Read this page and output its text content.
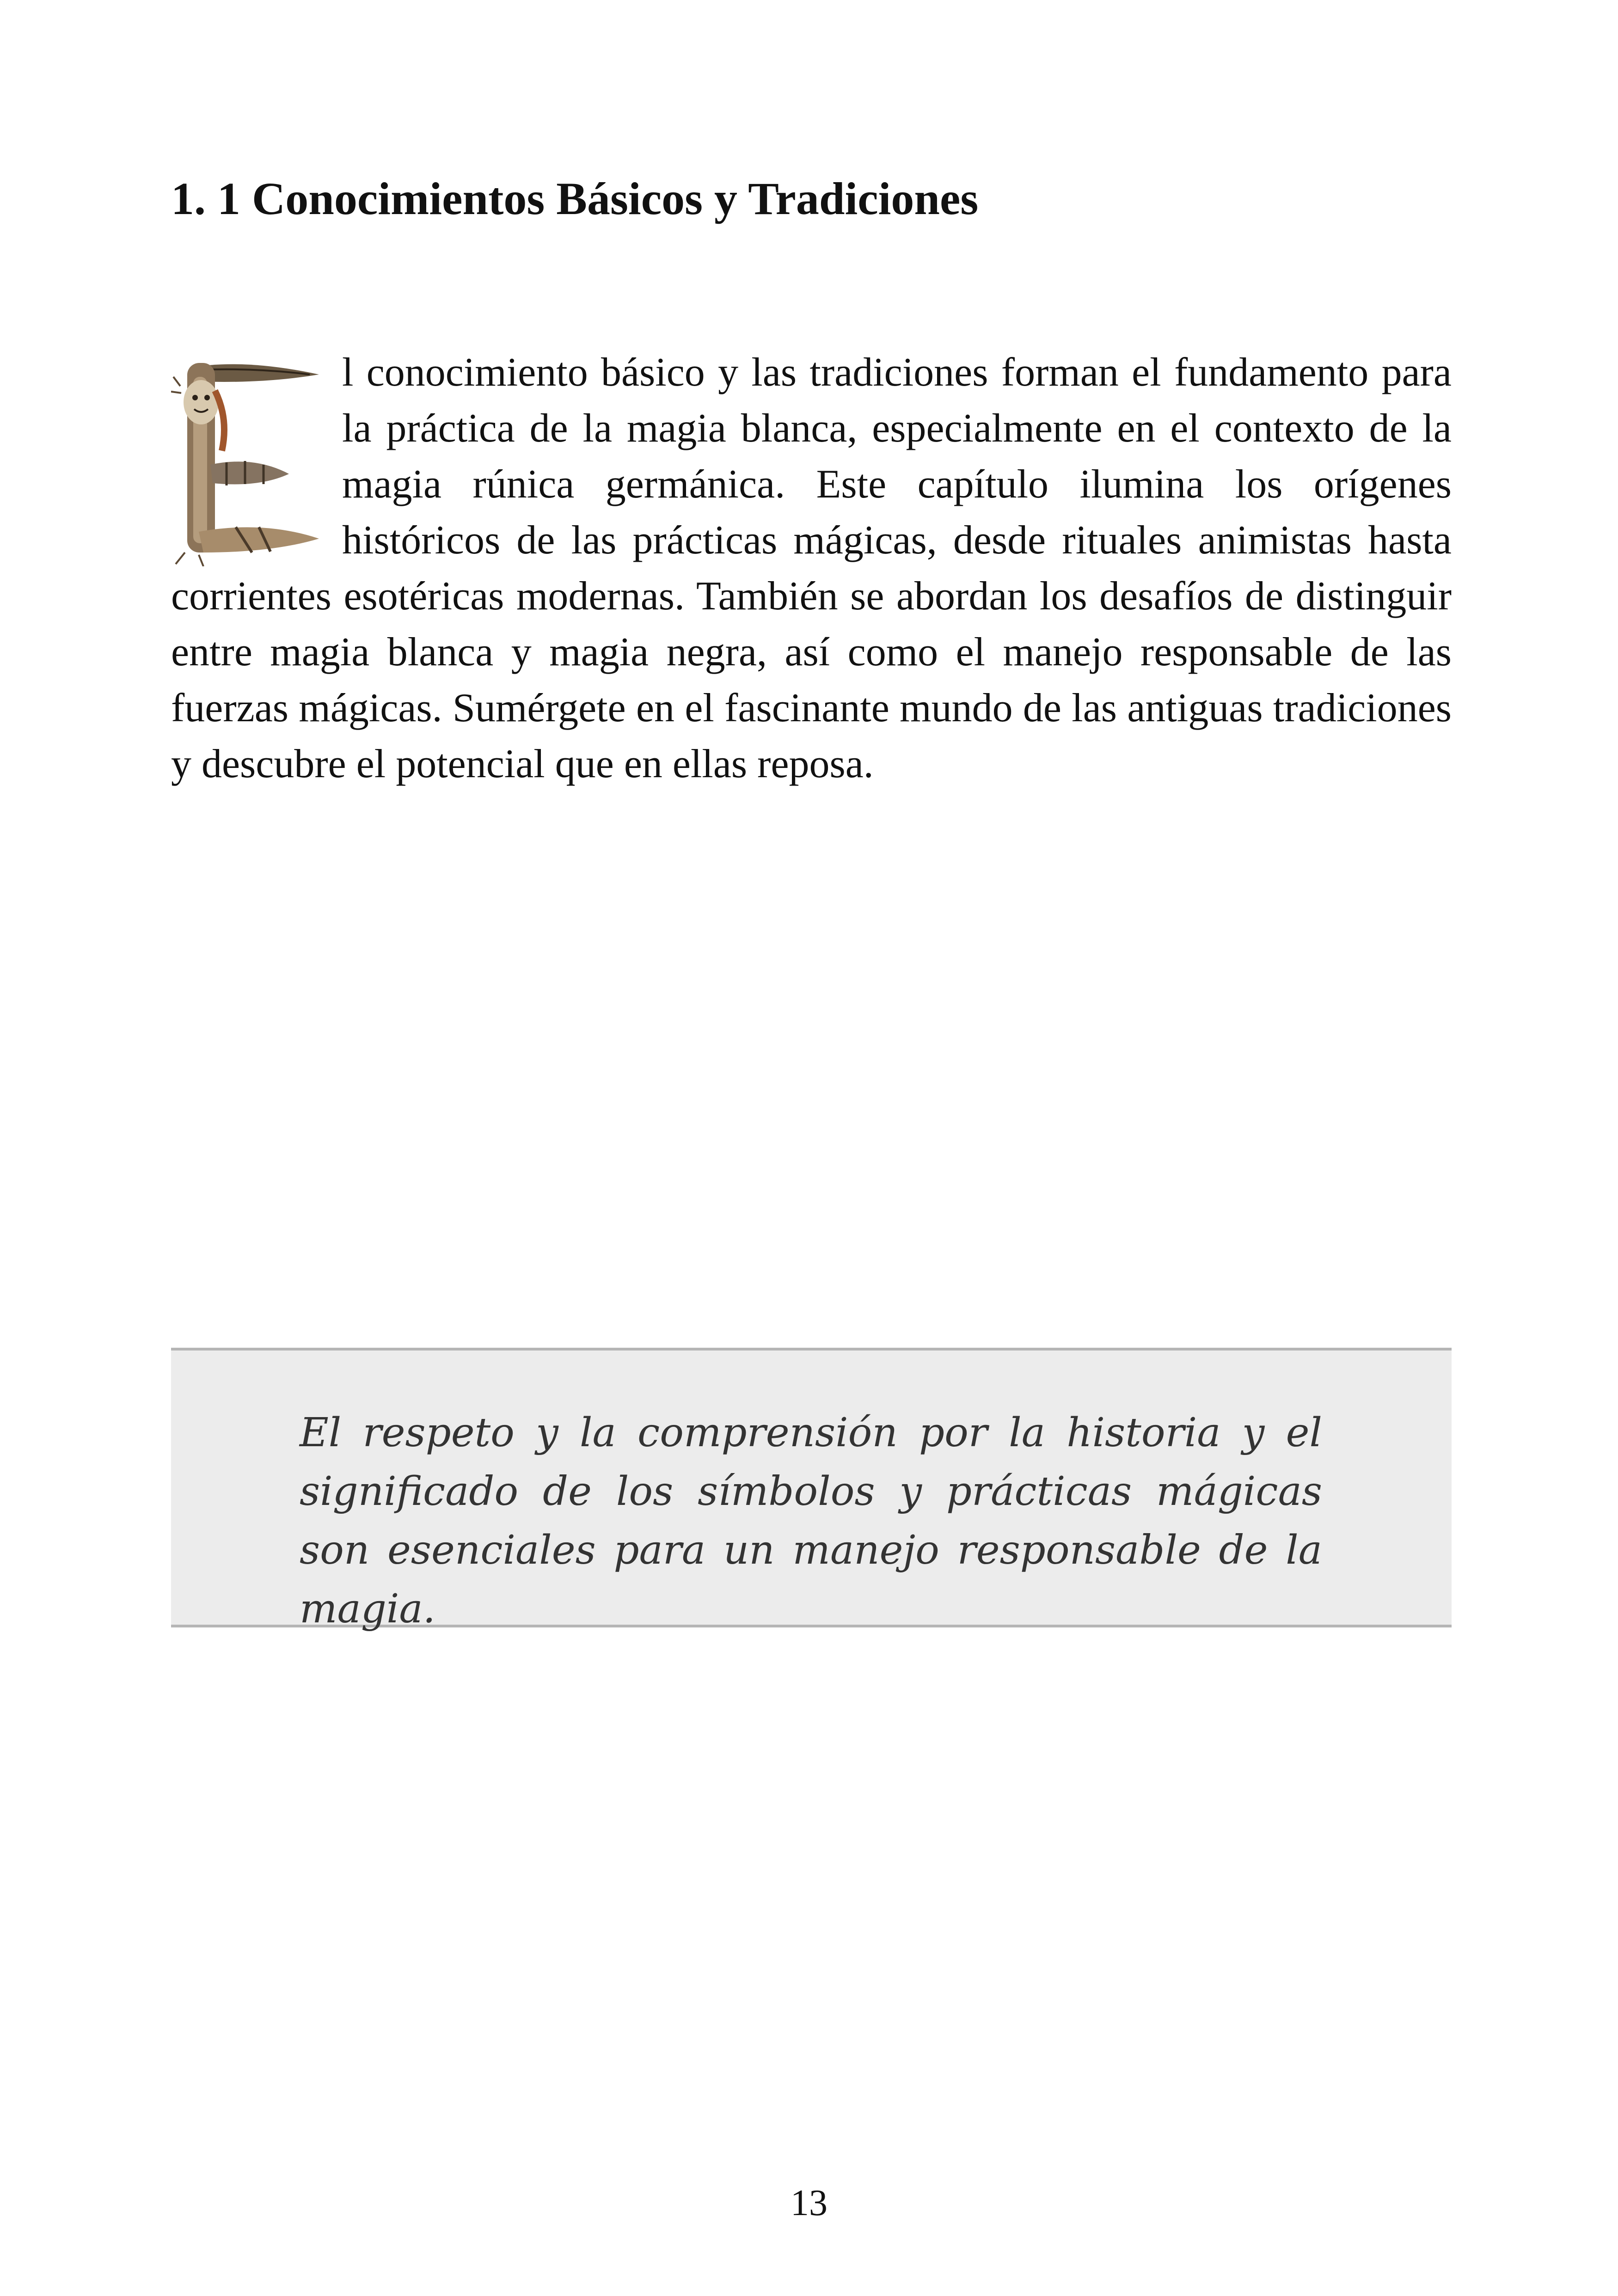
1. 1 Conocimientos Básicos y Tradiciones
l conocimiento básico y las tradiciones forman el fundamento para la práctica de la magia blanca, especialmente en el contexto de la magia rúnica germánica. Este capítulo ilumina los orígenes históricos de las prácticas mágicas, desde rituales animistas hasta corrientes esotéricas modernas. También se abordan los desafíos de distinguir entre magia blanca y magia negra, así como el manejo responsable de las fuerzas mágicas. Sumérgete en el fascinante mundo de las antiguas tradiciones y descubre el potencial que en ellas reposa.

El respeto y la comprensión por la historia y el significado de los símbolos y prácticas mágicas son esenciales para un manejo responsable de la magia.

13
